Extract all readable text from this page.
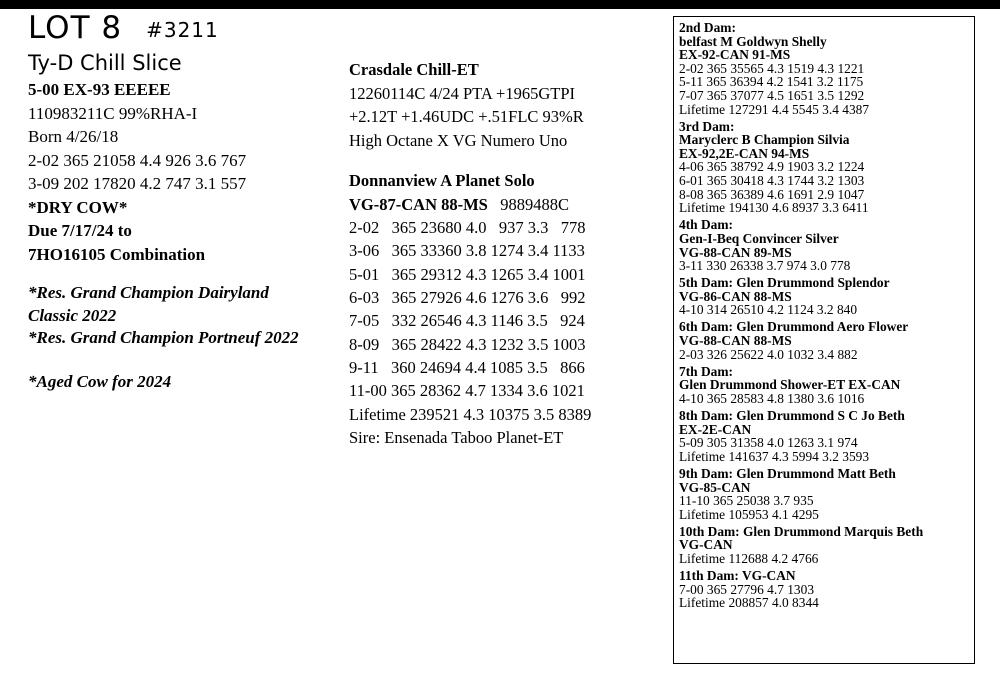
LOT 8 #3211
Ty-D Chill Slice
5-00 EX-93 EEEEE
110983211C 99%RHA-I
Born 4/26/18
2-02 365 21058 4.4 926 3.6 767
3-09 202 17820 4.2 747 3.1 557
*DRY COW*
Due 7/17/24 to
7HO16105 Combination
*Res. Grand Champion Dairyland
Classic 2022
*Res. Grand Champion Portneuf 2022
*Aged Cow for 2024
Crasdale Chill-ET
12260114C 4/24 PTA +1965GTPI
+2.12T +1.46UDC +.51FLC 93%R
High Octane X VG Numero Uno
Donnanview A Planet Solo
VG-87-CAN 88-MS 9889488C
2-02   365 23680 4.0   937 3.3   778
3-06   365 33360 3.8 1274 3.4 1133
5-01   365 29312 4.3 1265 3.4 1001
6-03   365 27926 4.6 1276 3.6   992
7-05   332 26546 4.3 1146 3.5   924
8-09   365 28422 4.3 1232 3.5 1003
9-11   360 24694 4.4 1085 3.5   866
11-00 365 28362 4.7 1334 3.6 1021
Lifetime 239521 4.3 10375 3.5 8389
Sire: Ensenada Taboo Planet-ET
2nd Dam:
belfast M Goldwyn Shelly
EX-92-CAN 91-MS
2-02 365 35565 4.3 1519 4.3 1221
5-11 365 36394 4.2 1541 3.2 1175
7-07 365 37077 4.5 1651 3.5 1292
Lifetime 127291 4.4 5545 3.4 4387
3rd Dam:
Maryclerc B Champion Silvia
EX-92,2E-CAN 94-MS
4-06 365 38792 4.9 1903 3.2 1224
6-01 365 30418 4.3 1744 3.2 1303
8-08 365 36389 4.6 1691 2.9 1047
Lifetime 194130 4.6 8937 3.3 6411
4th Dam:
Gen-I-Beq Convincer Silver
VG-88-CAN 89-MS
3-11 330 26338 3.7 974 3.0 778
5th Dam: Glen Drummond Splendor
VG-86-CAN 88-MS
4-10 314 26510 4.2 1124 3.2 840
6th Dam: Glen Drummond Aero Flower
VG-88-CAN 88-MS
2-03 326 25622 4.0 1032 3.4 882
7th Dam:
Glen Drummond Shower-ET EX-CAN
4-10 365 28583 4.8 1380 3.6 1016
8th Dam: Glen Drummond S C Jo Beth
EX-2E-CAN
5-09 305 31358 4.0 1263 3.1 974
Lifetime 141637 4.3 5994 3.2 3593
9th Dam: Glen Drummond Matt Beth
VG-85-CAN
11-10 365 25038 3.7 935
Lifetime 105953 4.1 4295
10th Dam: Glen Drummond Marquis Beth
VG-CAN
Lifetime 112688 4.2 4766
11th Dam: VG-CAN
7-00 365 27796 4.7 1303
Lifetime 208857 4.0 8344
